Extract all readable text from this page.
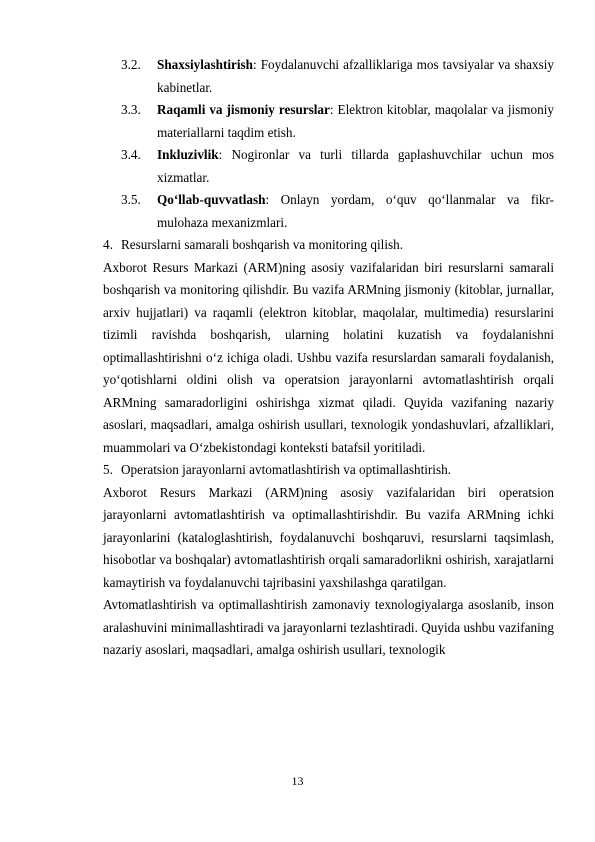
3.2. Shaxsiylashtirish: Foydalanuvchi afzalliklariga mos tavsiyalar va shaxsiy kabinetlar.
3.3. Raqamli va jismoniy resurslar: Elektron kitoblar, maqolalar va jismoniy materiallarni taqdim etish.
3.4. Inkluzivlik: Nogironlar va turli tillarda gaplashuvchilar uchun mos xizmatlar.
3.5. Qo‘llab-quvvatlash: Onlayn yordam, o‘quv qo‘llanmalar va fikr-mulohaza mexanizmlari.
4. Resurslarni samarali boshqarish va monitoring qilish.

Axborot Resurs Markazi (ARM)ning asosiy vazifalaridan biri resurslarni samarali boshqarish va monitoring qilishdir. Bu vazifa ARMning jismoniy (kitoblar, jurnallar, arxiv hujjatlari) va raqamli (elektron kitoblar, maqolalar, multimedia) resurslarini tizimli ravishda boshqarish, ularning holatini kuzatish va foydalanishni optimallashtirishni o‘z ichiga oladi. Ushbu vazifa resurslardan samarali foydalanish, yo‘qotishlarni oldini olish va operatsion jarayonlarni avtomatlashtirish orqali ARMning samaradorligini oshirishga xizmat qiladi. Quyida vazifaning nazariy asoslari, maqsadlari, amalga oshirish usullari, texnologik yondashuvlari, afzalliklari, muammolari va O‘zbekistondagi konteksti batafsil yoritiladi.

5. Operatsion jarayonlarni avtomatlashtirish va optimallashtirish.

Axborot Resurs Markazi (ARM)ning asosiy vazifalaridan biri operatsion jarayonlarni avtomatlashtirish va optimallashtirishdir. Bu vazifa ARMning ichki jarayonlarini (kataloglashtirish, foydalanuvchi boshqaruvi, resurslarni taqsimlash, hisobotlar va boshqalar) avtomatlashtirish orqali samaradorlikni oshirish, xarajatlarni kamaytirish va foydalanuvchi tajribasini yaxshilashga qaratilgan.

Avtomatlashtirish va optimallashtirish zamonaviy texnologiyalarga asoslanib, inson aralashuvini minimallashtiradi va jarayonlarni tezlashtiradi. Quyida ushbu vazifaning nazariy asoslari, maqsadlari, amalga oshirish usullari, texnologik

13
